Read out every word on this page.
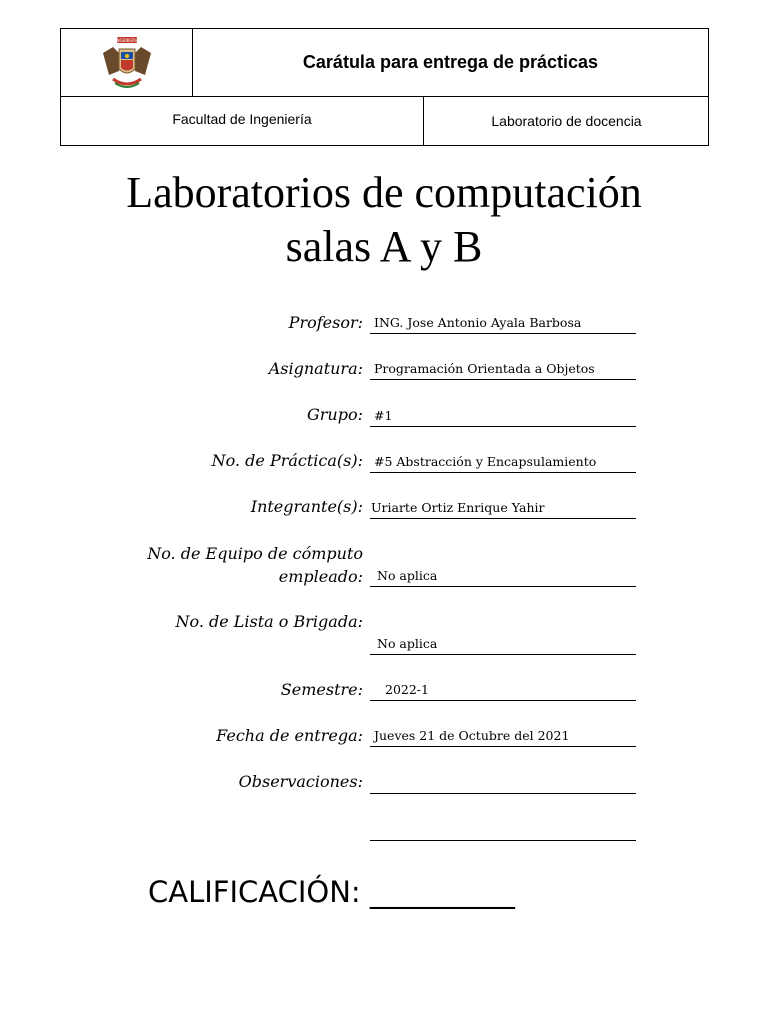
INGENIERIA
Carátula para entrega de prácticas
Facultad de Ingeniería	Laboratorio de docencia
Laboratorios de computación
salas A y B
Profesor: ING. Jose Antonio Ayala Barbosa
Asignatura: Programación Orientada a Objetos
Grupo: #1
No. de Práctica(s): #5 Abstracción y Encapsulamiento
Integrante(s): Uriarte Ortiz Enrique Yahir
No. de Equipo de cómputo
empleado:	No aplica
No. de Lista o Brigada:
No aplica
Semestre:	2022-1
Fecha de entrega: Jueves 21 de Octubre del 2021
Observaciones:
CALIFICACIÓN: __________
